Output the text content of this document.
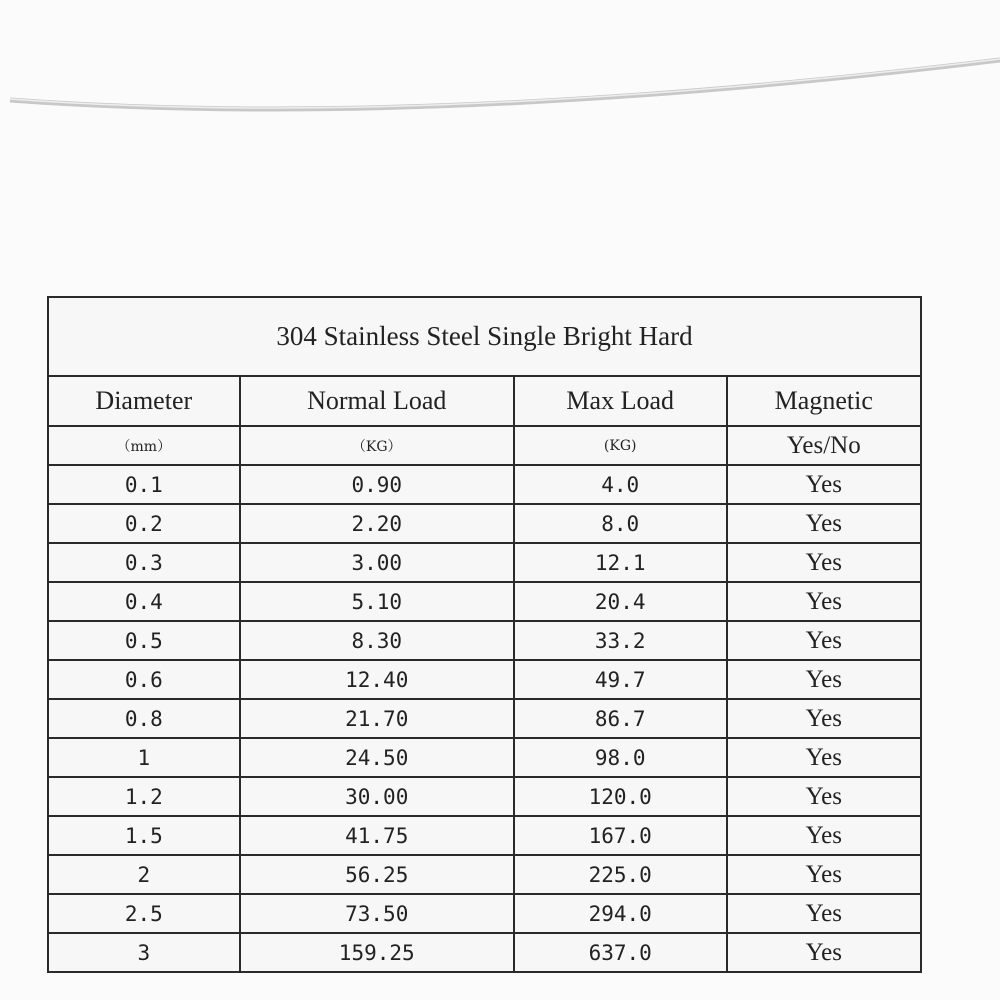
304 Stainless Steel Single Bright Hard			
Diameter	Normal Load	Max Load	Magnetic
（mm）	（KG）	(KG)	Yes/No
0.1	0.90	4.0	Yes
0.2	2.20	8.0	Yes
0.3	3.00	12.1	Yes
0.4	5.10	20.4	Yes
0.5	8.30	33.2	Yes
0.6	12.40	49.7	Yes
0.8	21.70	86.7	Yes
1	24.50	98.0	Yes
1.2	30.00	120.0	Yes
1.5	41.75	167.0	Yes
2	56.25	225.0	Yes
2.5	73.50	294.0	Yes
3	159.25	637.0	Yes
